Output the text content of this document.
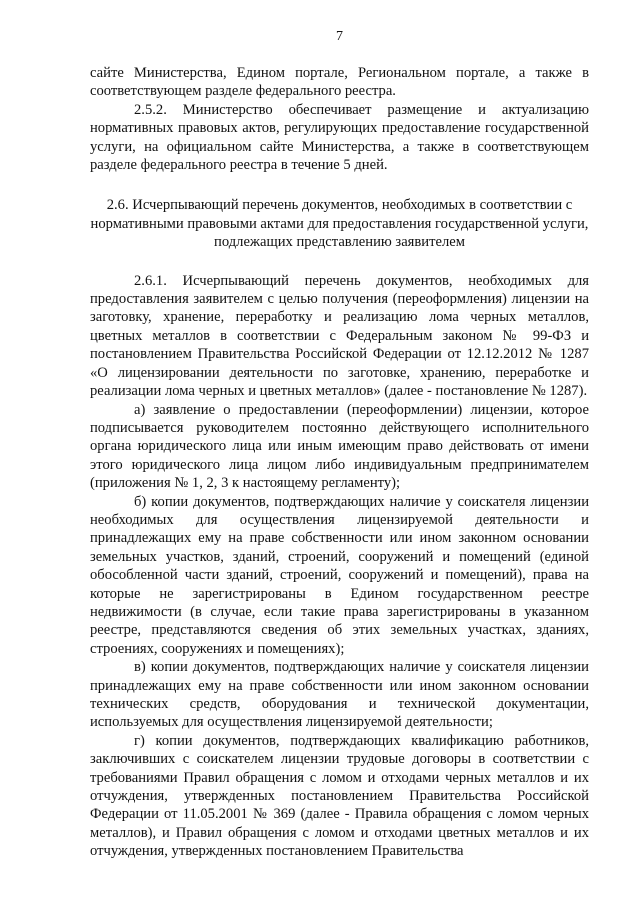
7

сайте Министерства, Едином портале, Региональном портале, а также в соответствующем разделе федерального реестра.

2.5.2. Министерство обеспечивает размещение и актуализацию нормативных правовых актов, регулирующих предоставление государственной услуги, на официальном сайте Министерства, а также в соответствующем разделе федерального реестра в течение 5 дней.

2.6. Исчерпывающий перечень документов, необходимых в соответствии с нормативными правовыми актами для предоставления государственной услуги, подлежащих представлению заявителем

2.6.1. Исчерпывающий перечень документов, необходимых для предоставления заявителем с целью получения (переоформления) лицензии на заготовку, хранение, переработку и реализацию лома черных металлов, цветных металлов в соответствии с Федеральным законом № 99-ФЗ и постановлением Правительства Российской Федерации от 12.12.2012 № 1287 «О лицензировании деятельности по заготовке, хранению, переработке и реализации лома черных и цветных металлов» (далее - постановление № 1287).

а) заявление о предоставлении (переоформлении) лицензии, которое подписывается руководителем постоянно действующего исполнительного органа юридического лица или иным имеющим право действовать от имени этого юридического лица лицом либо индивидуальным предпринимателем (приложения № 1, 2, 3 к настоящему регламенту);

б) копии документов, подтверждающих наличие у соискателя лицензии необходимых для осуществления лицензируемой деятельности и принадлежащих ему на праве собственности или ином законном основании земельных участков, зданий, строений, сооружений и помещений (единой обособленной части зданий, строений, сооружений и помещений), права на которые не зарегистрированы в Едином государственном реестре недвижимости (в случае, если такие права зарегистрированы в указанном реестре, представляются сведения об этих земельных участках, зданиях, строениях, сооружениях и помещениях);

в) копии документов, подтверждающих наличие у соискателя лицензии принадлежащих ему на праве собственности или ином законном основании технических средств, оборудования и технической документации, используемых для осуществления лицензируемой деятельности;

г) копии документов, подтверждающих квалификацию работников, заключивших с соискателем лицензии трудовые договоры в соответствии с требованиями Правил обращения с ломом и отходами черных металлов и их отчуждения, утвержденных постановлением Правительства Российской Федерации от 11.05.2001 № 369 (далее - Правила обращения с ломом черных металлов), и Правил обращения с ломом и отходами цветных металлов и их отчуждения, утвержденных постановлением Правительства
